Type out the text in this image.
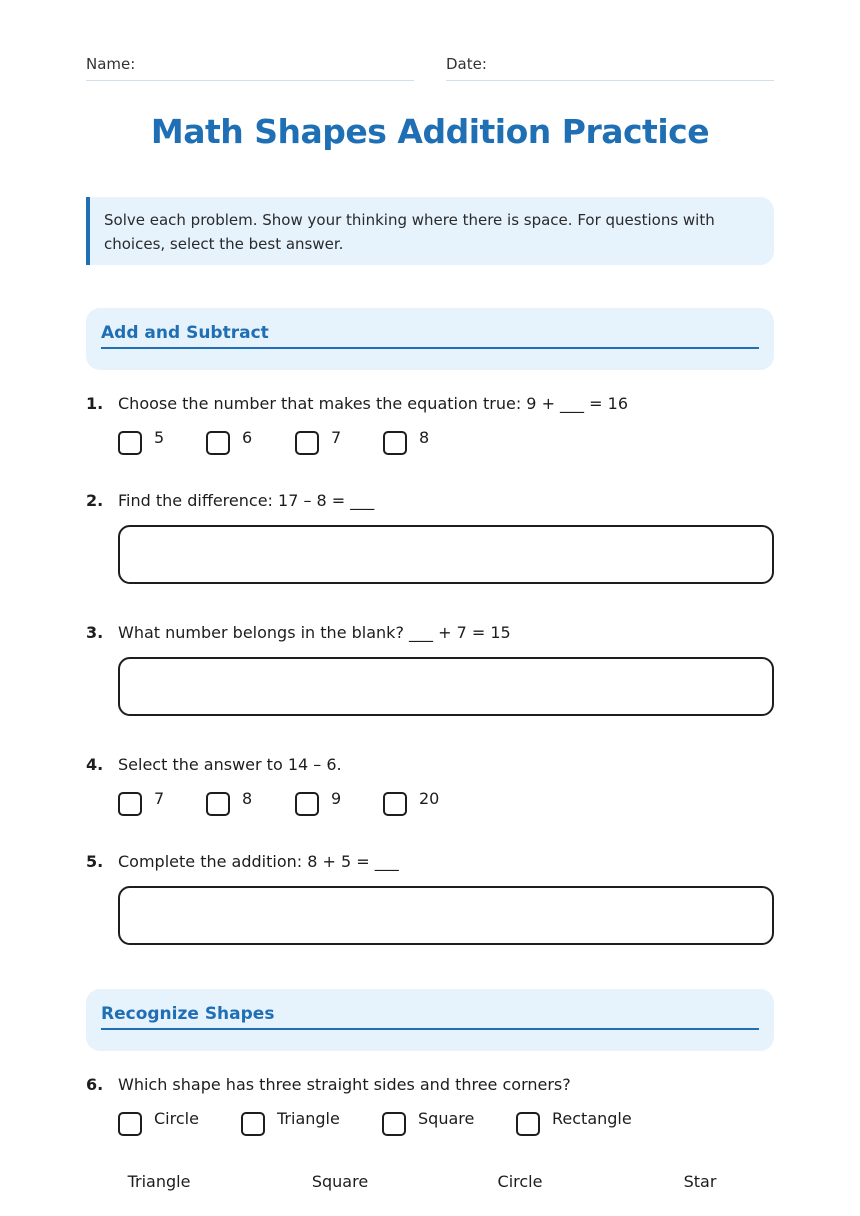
Name:	Date:
Math Shapes Addition Practice
Solve each problem. Show your thinking where there is space. For questions with choices, select the best answer.
Add and Subtract
1. Choose the number that makes the equation true: 9 + ___ = 16
5	6	7	8
2. Find the difference: 17 – 8 = ___
3. What number belongs in the blank? ___ + 7 = 15
4. Select the answer to 14 – 6.
7	8	9	20
5. Complete the addition: 8 + 5 = ___
Recognize Shapes
6. Which shape has three straight sides and three corners?
Circle	Triangle	Square	Rectangle
Triangle	Square	Circle	Star
